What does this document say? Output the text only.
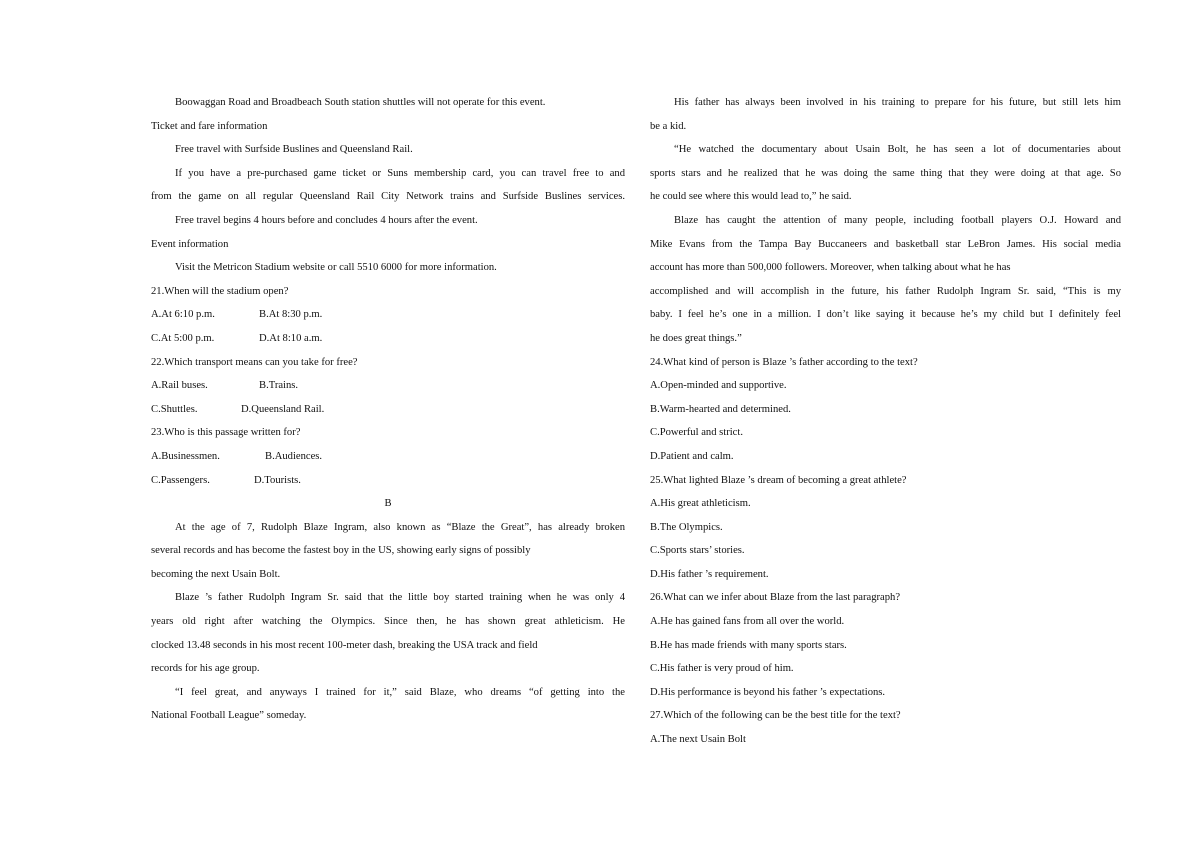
Boowaggan Road and Broadbeach South station shuttles will not operate for this event.
Ticket and fare information
Free travel with Surfside Buslines and Queensland Rail.
If you have a pre-purchased game ticket or Suns membership card, you can travel free to and
from the game on all regular Queensland Rail City Network trains and Surfside Buslines services.
Free travel begins 4 hours before and concludes 4 hours after the event.
Event information
Visit the Metricon Stadium website or call 5510 6000 for more information.
21.When will the stadium open?
A.At 6:10 p.m.	B.At 8:30 p.m.
C.At 5:00 p.m.	D.At 8:10 a.m.
22.Which transport means can you take for free?
A.Rail buses.	B.Trains.
C.Shuttles.	D.Queensland Rail.
23.Who is this passage written for?
A.Businessmen.	B.Audiences.
C.Passengers.	D.Tourists.
B
At the age of 7, Rudolph Blaze Ingram, also known as “Blaze the Great”, has already broken
several records and has become the fastest boy in the US, showing early signs of possibly
becoming the next Usain Bolt.
Blaze ’s father Rudolph Ingram Sr. said that the little boy started training when he was only 4
years old right after watching the Olympics. Since then, he has shown great athleticism. He
clocked 13.48 seconds in his most recent 100-meter dash, breaking the USA track and field
records for his age group.
“I feel great, and anyways I trained for it,” said Blaze, who dreams “of getting into the
National Football League” someday.
His father has always been involved in his training to prepare for his future, but still lets him
be a kid.
“He watched the documentary about Usain Bolt, he has seen a lot of documentaries about
sports stars and he realized that he was doing the same thing that they were doing at that age. So
he could see where this would lead to,” he said.
Blaze has caught the attention of many people, including football players O.J. Howard and
Mike Evans from the Tampa Bay Buccaneers and basketball star LeBron James. His social media
account has more than 500,000 followers. Moreover, when talking about what he has
accomplished and will accomplish in the future, his father Rudolph Ingram Sr. said, “This is my
baby. I feel he’s one in a million. I don’t like saying it because he’s my child but I definitely feel
he does great things.”
24.What kind of person is Blaze ’s father according to the text?
A.Open-minded and supportive.
B.Warm-hearted and determined.
C.Powerful and strict.
D.Patient and calm.
25.What lighted Blaze ’s dream of becoming a great athlete?
A.His great athleticism.
B.The Olympics.
C.Sports stars’ stories.
D.His father ’s requirement.
26.What can we infer about Blaze from the last paragraph?
A.He has gained fans from all over the world.
B.He has made friends with many sports stars.
C.His father is very proud of him.
D.His performance is beyond his father ’s expectations.
27.Which of the following can be the best title for the text?
A.The next Usain Bolt
